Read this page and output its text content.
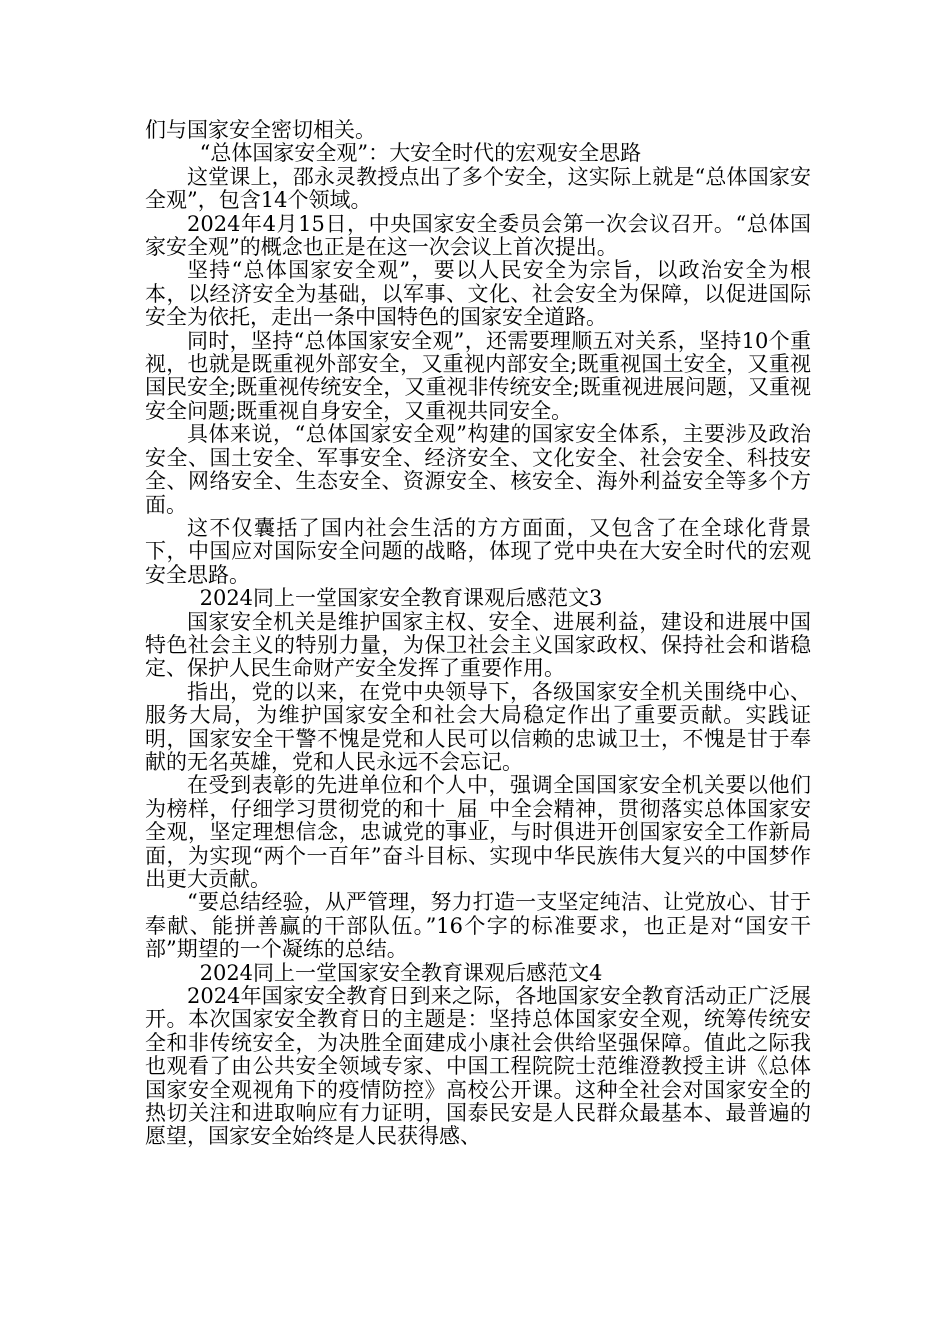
们与国家安全密切相关。

“总体国家安全观”：大安全时代的宏观安全思路

这堂课上，邵永灵教授点出了多个安全，这实际上就是“总体国家安全观”，包含14个领域。

2024年4月15日，中央国家安全委员会第一次会议召开。“总体国家安全观”的概念也正是在这一次会议上首次提出。

坚持“总体国家安全观”，要以人民安全为宗旨，以政治安全为根本，以经济安全为基础，以军事、文化、社会安全为保障，以促进国际安全为依托，走出一条中国特色的国家安全道路。

同时，坚持“总体国家安全观”，还需要理顺五对关系，坚持10个重视，也就是既重视外部安全，又重视内部安全;既重视国土安全，又重视国民安全;既重视传统安全，又重视非传统安全;既重视进展问题，又重视安全问题;既重视自身安全，又重视共同安全。

具体来说，“总体国家安全观”构建的国家安全体系，主要涉及政治安全、国土安全、军事安全、经济安全、文化安全、社会安全、科技安全、网络安全、生态安全、资源安全、核安全、海外利益安全等多个方面。

这不仅囊括了国内社会生活的方方面面，又包含了在全球化背景下，中国应对国际安全问题的战略，体现了党中央在大安全时代的宏观安全思路。

2024同上一堂国家安全教育课观后感范文3

国家安全机关是维护国家主权、安全、进展利益，建设和进展中国特色社会主义的特别力量，为保卫社会主义国家政权、保持社会和谐稳定、保护人民生命财产安全发挥了重要作用。

指出，党的以来，在党中央领导下，各级国家安全机关围绕中心、服务大局，为维护国家安全和社会大局稳定作出了重要贡献。实践证明，国家安全干警不愧是党和人民可以信赖的忠诚卫士，不愧是甘于奉献的无名英雄，党和人民永远不会忘记。

在受到表彰的先进单位和个人中，强调全国国家安全机关要以他们为榜样，仔细学习贯彻党的和十_届_中全会精神，贯彻落实总体国家安全观，坚定理想信念，忠诚党的事业，与时俱进开创国家安全工作新局面，为实现“两个一百年”奋斗目标、实现中华民族伟大复兴的中国梦作出更大贡献。

“要总结经验，从严管理，努力打造一支坚定纯洁、让党放心、甘于奉献、能拼善赢的干部队伍。”16个字的标准要求，也正是对“国安干部”期望的一个凝练的总结。

2024同上一堂国家安全教育课观后感范文4

2024年国家安全教育日到来之际，各地国家安全教育活动正广泛展开。本次国家安全教育日的主题是：坚持总体国家安全观，统筹传统安全和非传统安全，为决胜全面建成小康社会供给坚强保障。值此之际我也观看了由公共安全领域专家、中国工程院院士范维澄教授主讲《总体国家安全观视角下的疫情防控》高校公开课。这种全社会对国家安全的热切关注和进取响应有力证明，国泰民安是人民群众最基本、最普遍的愿望，国家安全始终是人民获得感、
